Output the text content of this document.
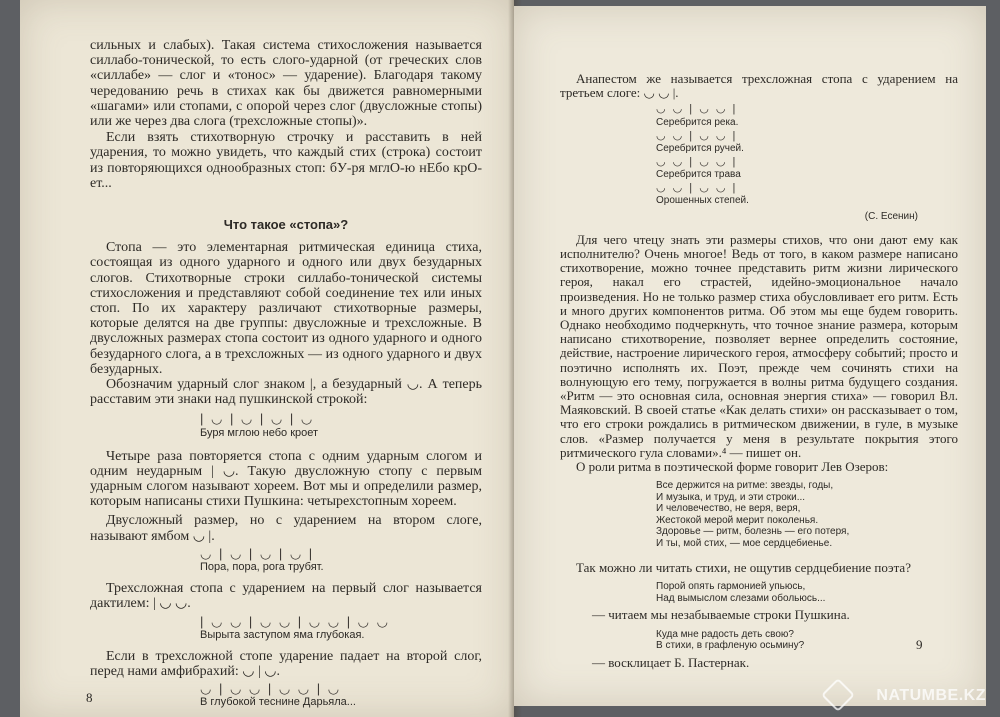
сильных и слабых). Такая система стихосложения называется силлабо-тонической, то есть слого-ударной (от греческих слов «силлабе» — слог и «тонос» — ударение). Благодаря такому чередованию речь в стихах как бы движется равномерными «шагами» или стопами, с опорой через слог (двусложные стопы) или же через два слога (трехсложные стопы)».

Если взять стихотворную строчку и расставить в ней ударения, то можно увидеть, что каждый стих (строка) состоит из повторяющихся однообразных стоп: бУ-ря мглО-ю нЕбо крО-ет...

Что такое «стопа»?

Стопа — это элементарная ритмическая единица стиха, состоящая из одного ударного и одного или двух безударных слогов. Стихотворные строки силлабо-тонической системы стихосложения и представляют собой соединение тех или иных стоп. По их характеру различают стихотворные размеры, которые делятся на две группы: двусложные и трехсложные. В двусложных размерах стопа состоит из одного ударного и одного безударного слога, а в трехсложных — из одного ударного и двух безударных.

Обозначим ударный слог знаком |, а безударный ◡. А теперь расставим эти знаки над пушкинской строкой:

| ◡ | ◡ | ◡ | ◡
Буря мглою небо кроет

Четыре раза повторяется стопа с одним ударным слогом и одним неударным | ◡. Такую двусложную стопу с первым ударным слогом называют хореем. Вот мы и определили размер, которым написаны стихи Пушкина: четырехстопным хореем.

Двусложный размер, но с ударением на втором слоге, называют ямбом ◡ |.

◡ | ◡ | ◡ | ◡ |
Пора, пора, рога трубят.

Трехсложная стопа с ударением на первый слог называется дактилем: | ◡ ◡.

| ◡ ◡ | ◡ ◡ | ◡ ◡ | ◡ ◡
Вырыта заступом яма глубокая.

Если в трехсложной стопе ударение падает на второй слог, перед нами амфибрахий: ◡ | ◡.

◡ | ◡ ◡ | ◡ ◡ | ◡
В глубокой теснине Дарьяла...
8

Анапестом же называется трехсложная стопа с ударением на третьем слоге: ◡ ◡ |.

◡ ◡ | ◡ ◡ |
Серебрится река.
◡ ◡ | ◡ ◡ |
Серебрится ручей.
◡ ◡ | ◡ ◡ |
Серебрится трава
◡ ◡ | ◡ ◡ |
Орошенных степей.
(С. Есенин)

Для чего чтецу знать эти размеры стихов, что они дают ему как исполнителю? Очень многое! Ведь от того, в каком размере написано стихотворение, можно точнее представить ритм жизни лирического героя, накал его страстей, идейно-эмоциональное начало произведения. Но не только размер стиха обусловливает его ритм. Есть и много других компонентов ритма. Об этом мы еще будем говорить. Однако необходимо подчеркнуть, что точное знание размера, которым написано стихотворение, позволяет вернее определить состояние, действие, настроение лирического героя, атмосферу событий; просто и поэтично исполнять их. Поэт, прежде чем сочинять стихи на волнующую его тему, погружается в волны ритма будущего создания. «Ритм — это основная сила, основная энергия стиха» — говорил Вл. Маяковский. В своей статье «Как делать стихи» он рассказывает о том, что его строки рождались в ритмическом движении, в гуле, в музыке слов. «Размер получается у меня в результате покрытия этого ритмического гула словами».⁴ — пишет он.

О роли ритма в поэтической форме говорит Лев Озеров:

Все держится на ритме: звезды, годы,
И музыка, и труд, и эти строки...
И человечество, не веря, веря,
Жестокой мерой мерит поколенья.
Здоровье — ритм, болезнь — его потеря,
И ты, мой стих, — мое сердцебиенье.

Так можно ли читать стихи, не ощутив сердцебиение поэта?

Порой опять гармонией упьюсь,
Над вымыслом слезами обольюсь...

— читаем мы незабываемые строки Пушкина.

Куда мне радость деть свою?
В стихи, в графленую осьмину?

— восклицает Б. Пастернак.

9
NATUMBE.KZ
